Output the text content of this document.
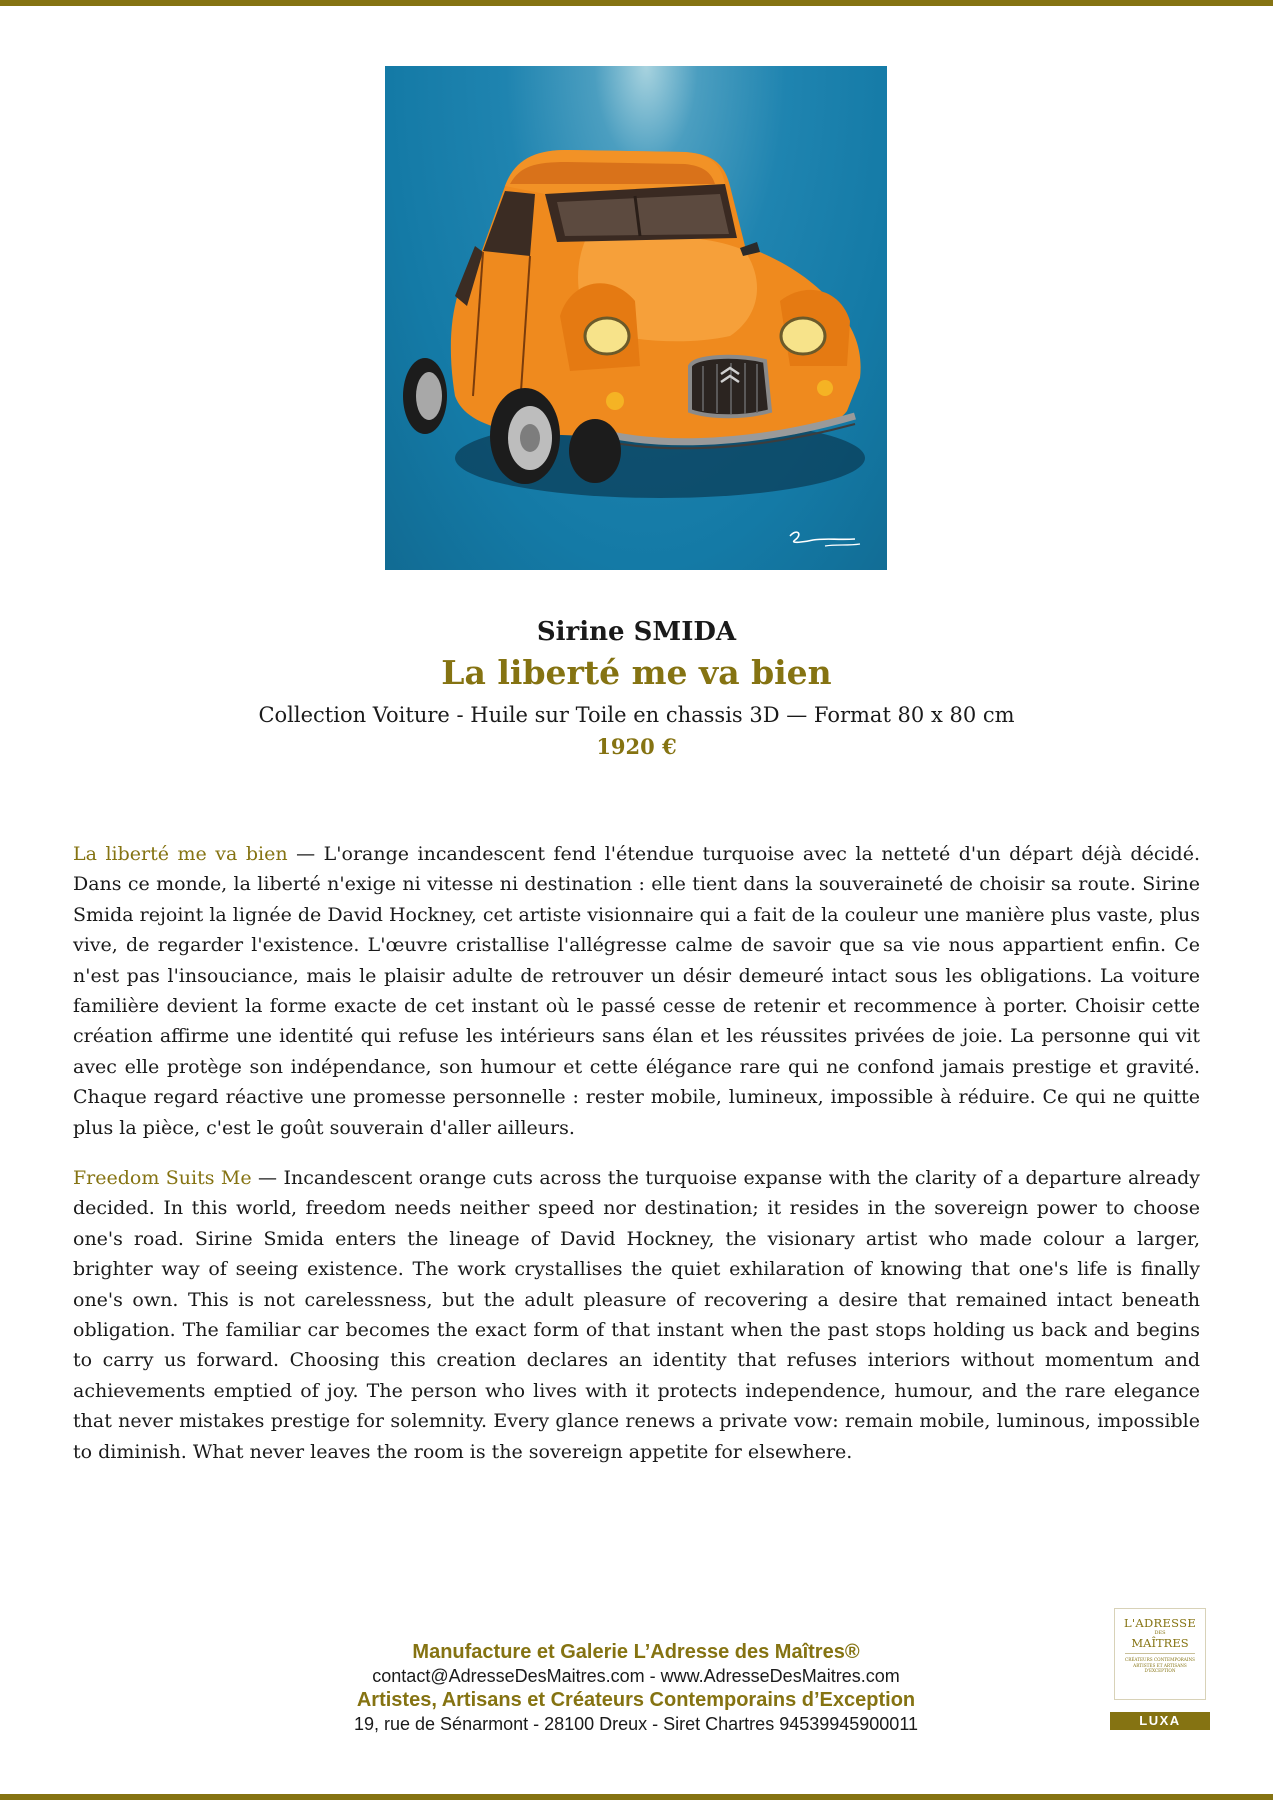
Sirine SMIDA
La liberté me va bien
Collection Voiture - Huile sur Toile en chassis 3D — Format 80 x 80 cm
1920 €

La liberté me va bien — L'orange incandescent fend l'étendue turquoise avec la netteté d'un départ déjà décidé. Dans ce monde, la liberté n'exige ni vitesse ni destination : elle tient dans la souveraineté de choisir sa route. Sirine Smida rejoint la lignée de David Hockney, cet artiste visionnaire qui a fait de la couleur une manière plus vaste, plus vive, de regarder l'existence. L'œuvre cristallise l'allégresse calme de savoir que sa vie nous appartient enfin. Ce n'est pas l'insouciance, mais le plaisir adulte de retrouver un désir demeuré intact sous les obligations. La voiture familière devient la forme exacte de cet instant où le passé cesse de retenir et recommence à porter. Choisir cette création affirme une identité qui refuse les intérieurs sans élan et les réussites privées de joie. La personne qui vit avec elle protège son indépendance, son humour et cette élégance rare qui ne confond jamais prestige et gravité. Chaque regard réactive une promesse personnelle : rester mobile, lumineux, impossible à réduire. Ce qui ne quitte plus la pièce, c'est le goût souverain d'aller ailleurs.

Freedom Suits Me — Incandescent orange cuts across the turquoise expanse with the clarity of a departure already decided. In this world, freedom needs neither speed nor destination; it resides in the sovereign power to choose one's road. Sirine Smida enters the lineage of David Hockney, the visionary artist who made colour a larger, brighter way of seeing existence. The work crystallises the quiet exhilaration of knowing that one's life is finally one's own. This is not carelessness, but the adult pleasure of recovering a desire that remained intact beneath obligation. The familiar car becomes the exact form of that instant when the past stops holding us back and begins to carry us forward. Choosing this creation declares an identity that refuses interiors without momentum and achievements emptied of joy. The person who lives with it protects independence, humour, and the rare elegance that never mistakes prestige for solemnity. Every glance renews a private vow: remain mobile, luminous, impossible to diminish. What never leaves the room is the sovereign appetite for elsewhere.

Manufacture et Galerie L’Adresse des Maîtres®
contact@AdresseDesMaitres.com - www.AdresseDesMaitres.com
Artistes, Artisans et Créateurs Contemporains d’Exception
19, rue de Sénarmont - 28100 Dreux - Siret Chartres 94539945900011
L'ADRESSE
DES
MAÎTRES
CRÉATEURS CONTEMPORAINS ARTISTES ET ARTISANS D'EXCEPTION
LUXA
